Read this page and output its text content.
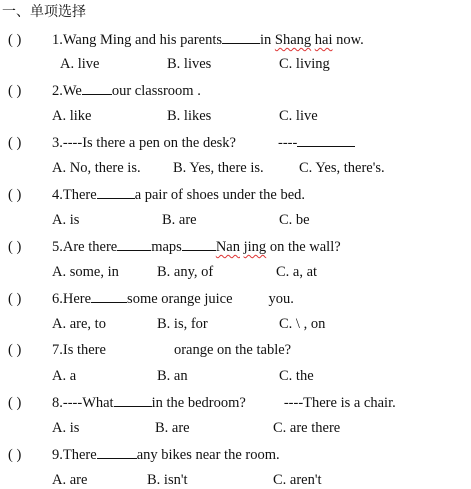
一、单项选择
( ) 1.Wang Ming and his parents	in Shang hai now.
A. live	B. lives	C. living
( ) 2.We our classroom .
A. like	B. likes	C. live
( ) 3.----Is there a pen on the desk?	----
A. No, there is. B. Yes, there is. C. Yes, there's.
( ) 4.There	a pair of shoes under the bed.
A. is	B. are	C. be
( ) 5.Are there maps Nan jing on the wall?
A. some, in	B. any, of	C. a, at
( ) 6.Here some orange juice you.
A. are, to	B. is, for	C. \ , on
( ) 7.Is there	orange on the table?
A. a	B. an	C. the
( ) 8.----What	in the bedroom?	----There is a chair.
A. is	B. are	C. are there
( ) 9.There	any bikes near the room.
A. are	B. isn't	C. aren't
